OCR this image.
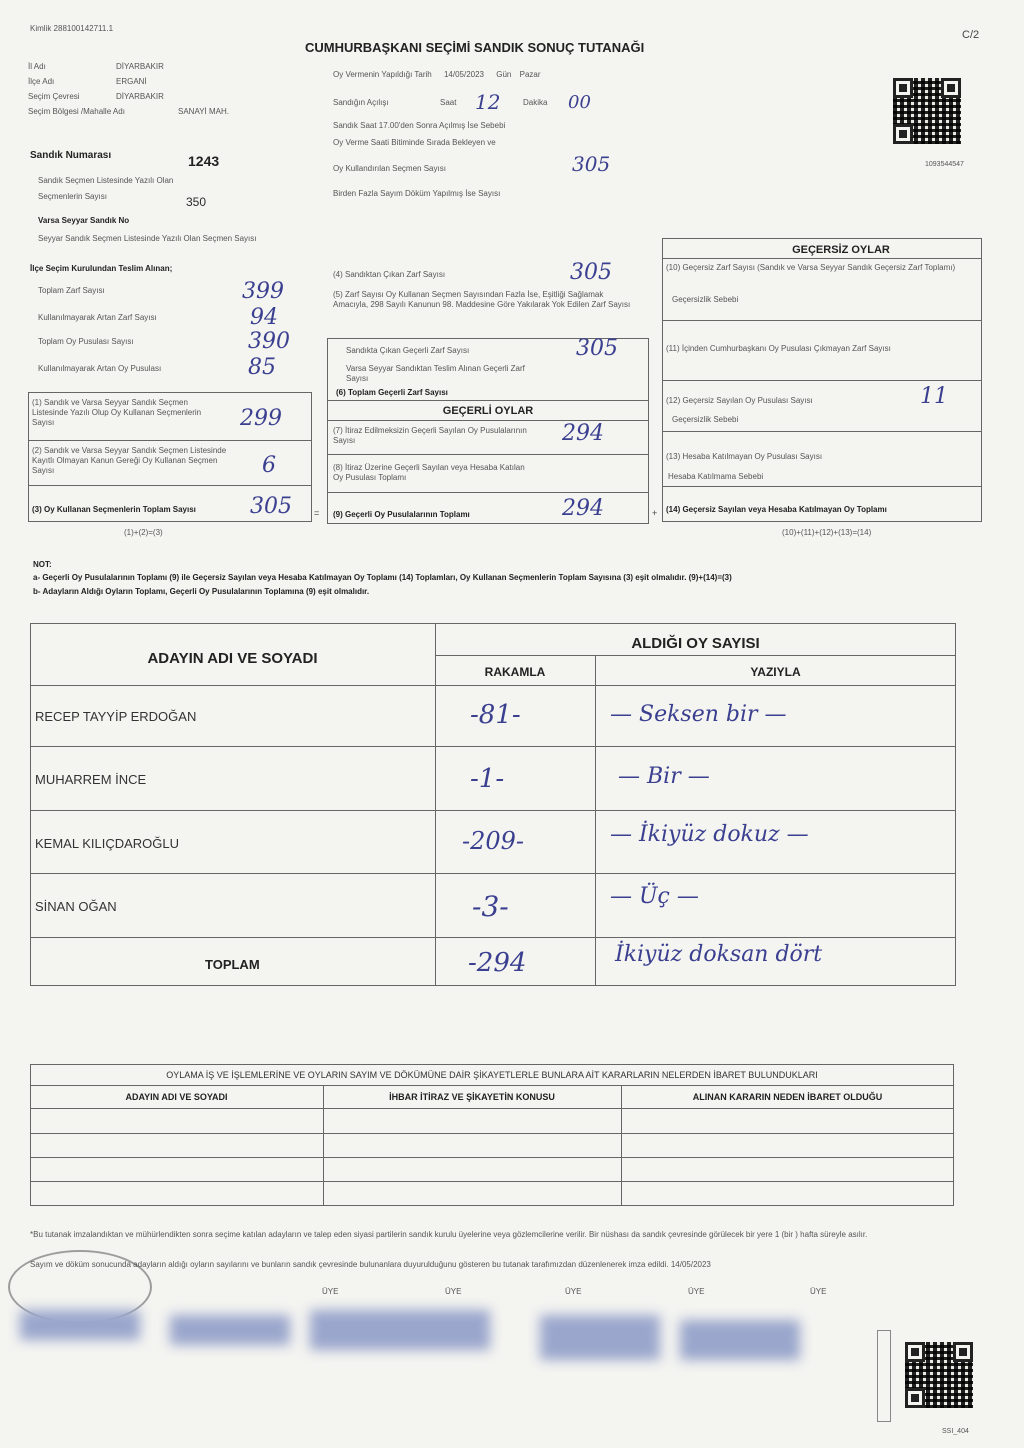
Kimlik 288100142711.1
CUMHURBAŞKANI SEÇİMİ SANDIK SONUÇ TUTANAĞI
C/2
İl Adı	DİYARBAKIR
İlçe Adı	ERGANİ
Seçim Çevresi	DİYARBAKIR
Seçim Bölgesi /Mahalle Adı	SANAYİ MAH.
Sandık Numarası	1243
Sandık Seçmen Listesinde Yazılı Olan
Seçmenlerin Sayısı	350
Varsa Seyyar Sandık No
Seyyar Sandık Seçmen Listesinde Yazılı Olan Seçmen Sayısı
Oy Vermenin Yapıldığı Tarih 14/05/2023 Gün Pazar
Sandığın Açılışı	Saat 12	Dakika 00
Sandık Saat 17.00'den Sonra Açılmış İse Sebebi
Oy Verme Saati Bitiminde Sırada Bekleyen ve
Oy Kullandırılan Seçmen Sayısı	305
Birden Fazla Sayım Döküm Yapılmış İse Sayısı
1093544547
İlçe Seçim Kurulundan Teslim Alınan;
Toplam Zarf Sayısı	399
Kullanılmayarak Artan Zarf Sayısı	94
Toplam Oy Pusulası Sayısı	390
Kullanılmayarak Artan Oy Pusulası	85
(1) Sandık ve Varsa Seyyar Sandık Seçmen Listesinde Yazılı Olup Oy Kullanan Seçmenlerin Sayısı	299
(2) Sandık ve Varsa Seyyar Sandık Seçmen Listesinde Kayıtlı Olmayan Kanun Gereği Oy Kullanan Seçmen Sayısı	6
(3) Oy Kullanan Seçmenlerin Toplam Sayısı 305
(1)+(2)=(3)
=
(4) Sandıktan Çıkan Zarf Sayısı	305
(5) Zarf Sayısı Oy Kullanan Seçmen Sayısından Fazla İse, Eşitliği Sağlamak Amacıyla, 298 Sayılı Kanunun 98. Maddesine Göre Yakılarak Yok Edilen Zarf Sayısı
Sandıkta Çıkan Geçerli Zarf Sayısı	305
Varsa Seyyar Sandıktan Teslim Alınan Geçerli Zarf Sayısı
(6) Toplam Geçerli Zarf Sayısı
GEÇERLİ OYLAR
(7) İtiraz Edilmeksizin Geçerli Sayılan Oy Pusulalarının Sayısı	294
(8) İtiraz Üzerine Geçerli Sayılan veya Hesaba Katılan Oy Pusulası Toplamı
(9) Geçerli Oy Pusulalarının Toplamı	294	+
GEÇERSİZ OYLAR
(10) Geçersiz Zarf Sayısı (Sandık ve Varsa Seyyar Sandık Geçersiz Zarf Toplamı)
Geçersizlik Sebebi
(11) İçinden Cumhurbaşkanı Oy Pusulası Çıkmayan Zarf Sayısı
(12) Geçersiz Sayılan Oy Pusulası Sayısı	11
Geçersizlik Sebebi
(13) Hesaba Katılmayan Oy Pusulası Sayısı
Hesaba Katılmama Sebebi
(14) Geçersiz Sayılan veya Hesaba Katılmayan Oy Toplamı
(10)+(11)+(12)+(13)=(14)
NOT:
a- Geçerli Oy Pusulalarının Toplamı (9) ile Geçersiz Sayılan veya Hesaba Katılmayan Oy Toplamı (14) Toplamları, Oy Kullanan Seçmenlerin Toplam Sayısına (3) eşit olmalıdır. (9)+(14)=(3)
b- Adayların Aldığı Oyların Toplamı, Geçerli Oy Pusulalarının Toplamına (9) eşit olmalıdır.
ADAYIN ADI VE SOYADI
ALDIĞI OY SAYISI
RAKAMLA	YAZIYLA
RECEP TAYYİP ERDOĞAN	-81-	— Seksen bir —
MUHARREM İNCE	-1-	— Bir —
KEMAL KILIÇDAROĞLU	-209-	— İkiyüz dokuz —
SİNAN OĞAN	-3-	— Üç —
TOPLAM	-294	İkiyüz doksan dört
OYLAMA İŞ VE İŞLEMLERİNE VE OYLARIN SAYIM VE DÖKÜMÜNE DAİR ŞİKAYETLERLE BUNLARA AİT KARARLARIN NELERDEN İBARET BULUNDUKLARI
ADAYIN ADI VE SOYADI	İHBAR İTİRAZ VE ŞİKAYETİN KONUSU	ALINAN KARARIN NEDEN İBARET OLDUĞU
*Bu tutanak imzalandıktan ve mühürlendikten sonra seçime katılan adayların ve talep eden siyasi partilerin sandık kurulu üyelerine veya gözlemcilerine verilir. Bir nüshası da sandık çevresinde görülecek bir yere 1 (bir ) hafta süreyle asılır.
Sayım ve döküm sonucunda adayların aldığı oyların sayılarını ve bunların sandık çevresinde bulunanlara duyurulduğunu gösteren bu tutanak tarafımızdan düzenlenerek imza edildi. 14/05/2023
ÜYE	ÜYE	ÜYE	ÜYE	ÜYE
SSI_404
